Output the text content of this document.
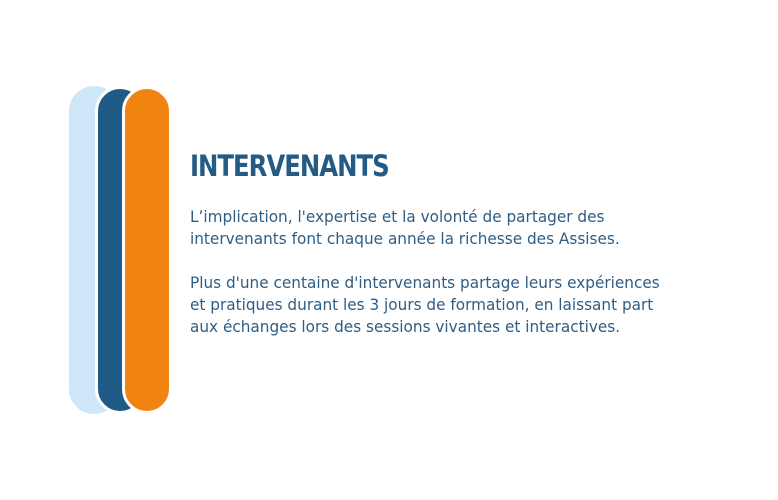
INTERVENANTS

L’implication, l'expertise et la volonté de partager des
intervenants font chaque année la richesse des Assises.

Plus d'une centaine d'intervenants partage leurs expériences
et pratiques durant les 3 jours de formation, en laissant part
aux échanges lors des sessions vivantes et interactives.
